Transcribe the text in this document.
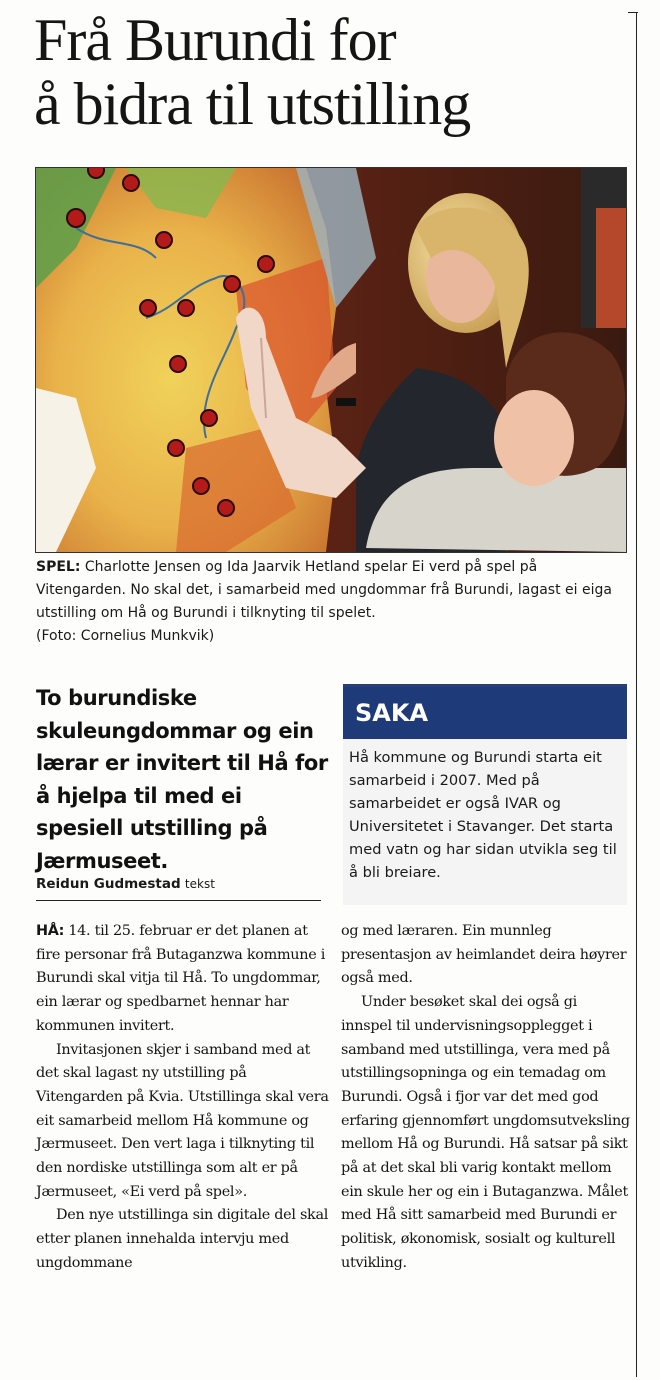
Frå Burundi for
å bidra til utstilling
SPEL: Charlotte Jensen og Ida Jaarvik Hetland spelar Ei verd på spel på Vitengarden. No skal det, i samarbeid med ungdommar frå Burundi, lagast ei eiga utstilling om Hå og Burundi i tilknyting til spelet.
(Foto: Cornelius Munkvik)
To burundiske skuleungdommar og ein lærar er invitert til Hå for å hjelpa til med ei spesiell utstilling på Jærmuseet.
Reidun Gudmestad tekst
SAKA
Hå kommune og Burundi starta eit samarbeid i 2007. Med på samarbeidet er også IVAR og Universitetet i Stavanger. Det starta med vatn og har sidan utvikla seg til å bli breiare.

HÅ: 14. til 25. februar er det planen at fire personar frå Butaganzwa kommune i Burundi skal vitja til Hå. To ungdommar, ein lærar og spedbarnet hennar har kommunen invitert.

Invitasjonen skjer i samband med at det skal lagast ny utstilling på Vitengarden på Kvia. Utstillinga skal vera eit samarbeid mellom Hå kommune og Jærmuseet. Den vert laga i tilknyting til den nordiske utstillinga som alt er på Jærmuseet, «Ei verd på spel».

Den nye utstillinga sin digitale del skal etter planen innehalda intervju med ungdommane

og med læraren. Ein munnleg presentasjon av heimlandet deira høyrer også med.

Under besøket skal dei også gi innspel til undervisningsopplegget i samband med utstillinga, vera med på utstillingsopninga og ein temadag om Burundi. Også i fjor var det med god erfaring gjennomført ungdomsutveksling mellom Hå og Burundi. Hå satsar på sikt på at det skal bli varig kontakt mellom ein skule her og ein i Butaganzwa. Målet med Hå sitt samarbeid med Burundi er politisk, økonomisk, sosialt og kulturell utvikling.
